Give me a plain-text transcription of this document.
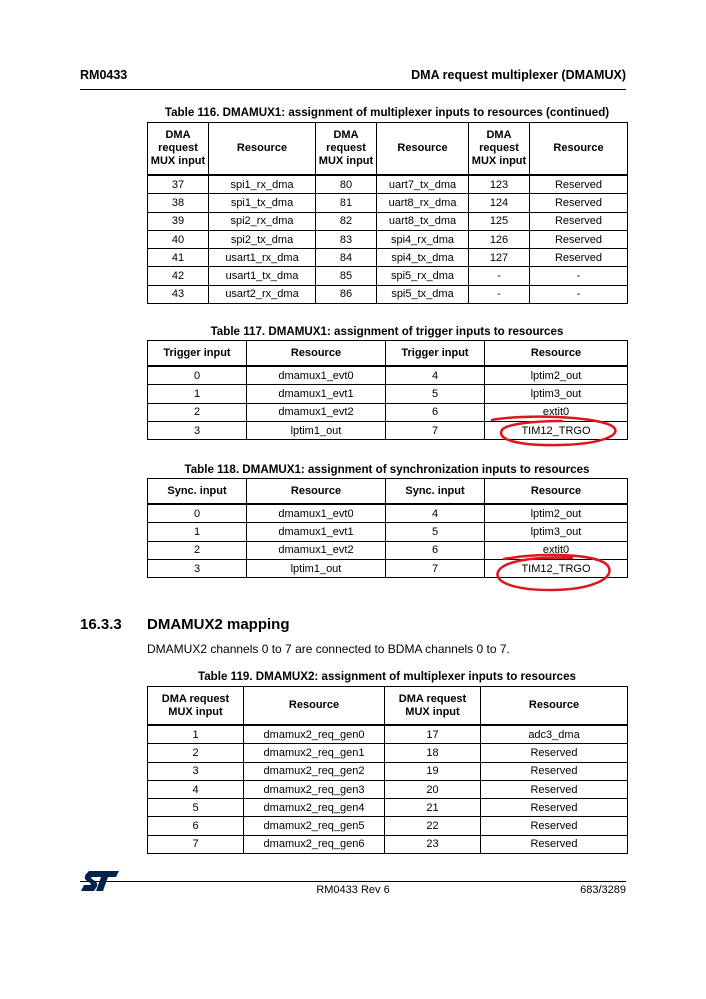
RM0433	DMA request multiplexer (DMAMUX)
Table 116. DMAMUX1: assignment of multiplexer inputs to resources (continued)
DMA request MUX input	Resource	DMA request MUX input	Resource	DMA request MUX input	Resource
37	spi1_rx_dma	80	uart7_tx_dma	123	Reserved
38	spi1_tx_dma	81	uart8_rx_dma	124	Reserved
39	spi2_rx_dma	82	uart8_tx_dma	125	Reserved
40	spi2_tx_dma	83	spi4_rx_dma	126	Reserved
41	usart1_rx_dma	84	spi4_tx_dma	127	Reserved
42	usart1_tx_dma	85	spi5_rx_dma	-	-
43	usart2_rx_dma	86	spi5_tx_dma	-	-
Table 117. DMAMUX1: assignment of trigger inputs to resources
Trigger input	Resource	Trigger input	Resource
0	dmamux1_evt0	4	lptim2_out
1	dmamux1_evt1	5	lptim3_out
2	dmamux1_evt2	6	extit0
3	lptim1_out	7	TIM12_TRGO
Table 118. DMAMUX1: assignment of synchronization inputs to resources
Sync. input	Resource	Sync. input	Resource
0	dmamux1_evt0	4	lptim2_out
1	dmamux1_evt1	5	lptim3_out
2	dmamux1_evt2	6	extit0
3	lptim1_out	7	TIM12_TRGO
16.3.3 DMAMUX2 mapping
DMAMUX2 channels 0 to 7 are connected to BDMA channels 0 to 7.
Table 119. DMAMUX2: assignment of multiplexer inputs to resources
DMA request MUX input	Resource	DMA request MUX input	Resource
1	dmamux2_req_gen0	17	adc3_dma
2	dmamux2_req_gen1	18	Reserved
3	dmamux2_req_gen2	19	Reserved
4	dmamux2_req_gen3	20	Reserved
5	dmamux2_req_gen4	21	Reserved
6	dmamux2_req_gen5	22	Reserved
7	dmamux2_req_gen6	23	Reserved
RM0433 Rev 6	683/3289
